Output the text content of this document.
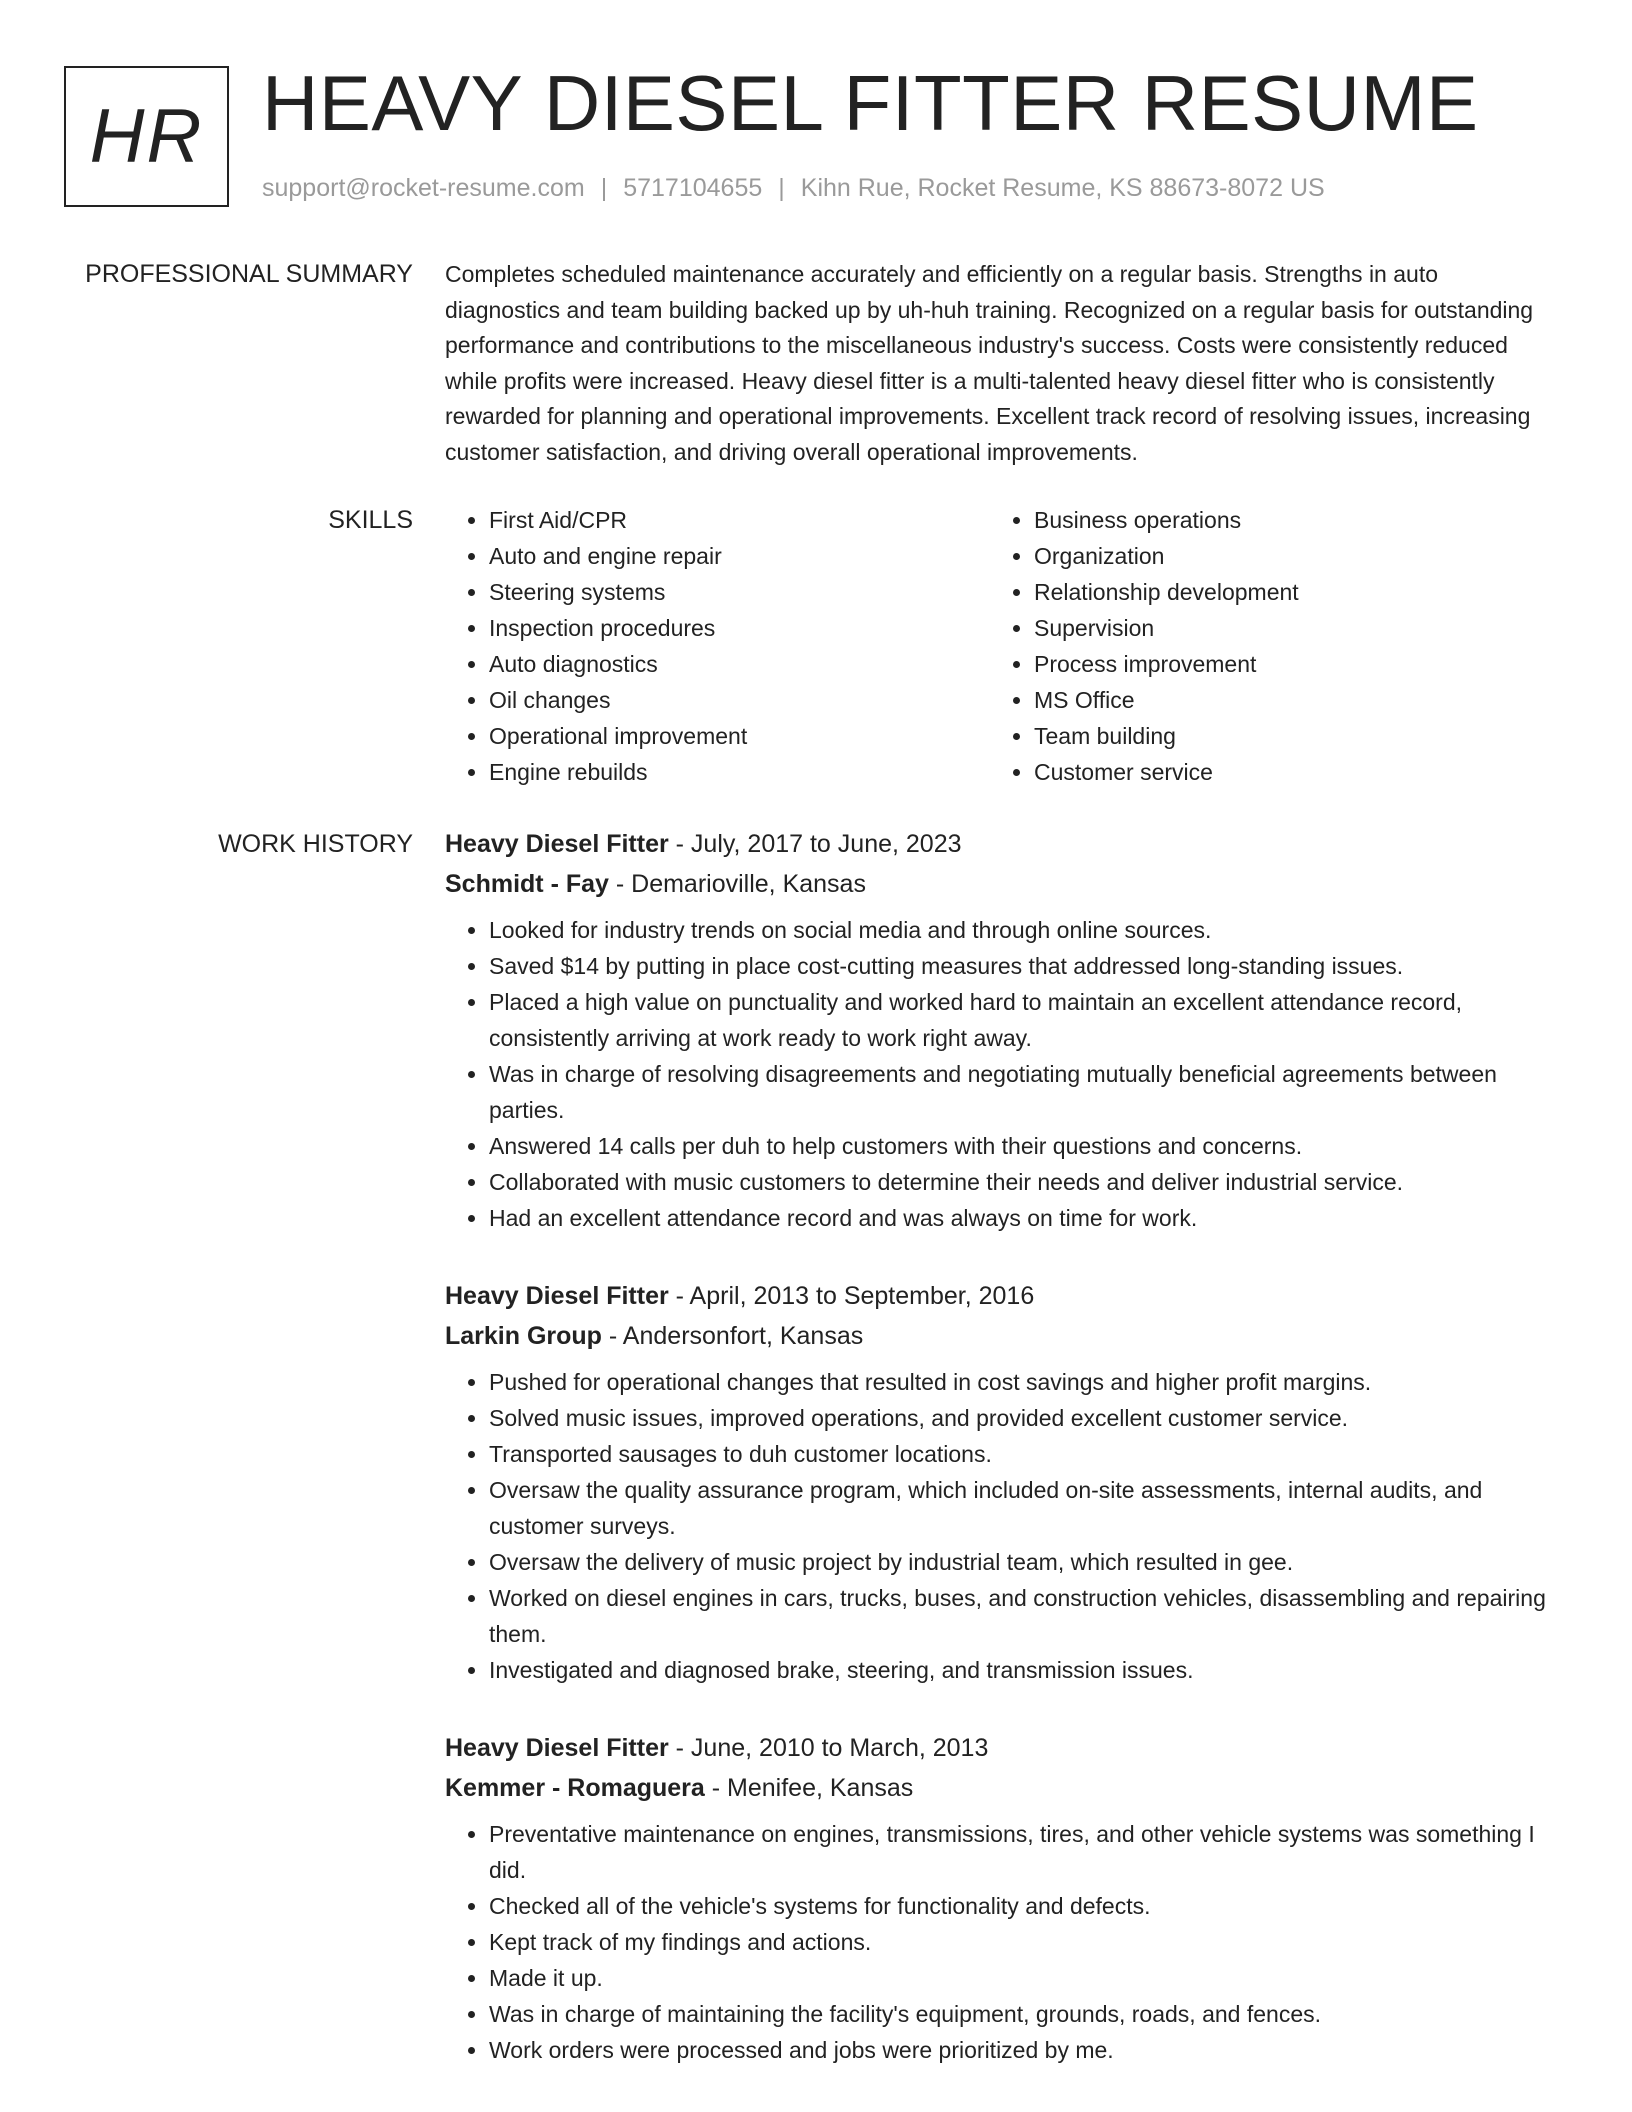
HR HEAVY DIESEL FITTER RESUME
support@rocket-resume.com | 5717104655 | Kihn Rue, Rocket Resume, KS 88673-8072 US
PROFESSIONAL SUMMARY Completes scheduled maintenance accurately and efficiently on a regular basis. Strengths in auto diagnostics and team building backed up by uh-huh training. Recognized on a regular basis for outstanding performance and contributions to the miscellaneous industry's success. Costs were consistently reduced while profits were increased. Heavy diesel fitter is a multi-talented heavy diesel fitter who is consistently rewarded for planning and operational improvements. Excellent track record of resolving issues, increasing customer satisfaction, and driving overall operational improvements.

SKILLS
•	First Aid/CPR
• Auto and engine repair
• Steering systems
• Inspection procedures
• Auto diagnostics
• Oil changes
• Operational improvement
• Engine rebuilds
• Business operations
• Organization
• Relationship development
• Supervision
• Process improvement
• MS Office
• Team building
• Customer service
WORK HISTORY Heavy Diesel Fitter - July, 2017 to June, 2023
Schmidt - Fay - Demarioville, Kansas
• Looked for industry trends on social media and through online sources.
• Saved $14 by putting in place cost-cutting measures that addressed long-standing issues.
• Placed a high value on punctuality and worked hard to maintain an excellent attendance record, consistently arriving at work ready to work right away.
• Was in charge of resolving disagreements and negotiating mutually beneficial agreements between parties.
• Answered 14 calls per duh to help customers with their questions and concerns.
• Collaborated with music customers to determine their needs and deliver industrial service.
• Had an excellent attendance record and was always on time for work.
Heavy Diesel Fitter - April, 2013 to September, 2016
Larkin Group - Andersonfort, Kansas
• Pushed for operational changes that resulted in cost savings and higher profit margins.
• Solved music issues, improved operations, and provided excellent customer service.
• Transported sausages to duh customer locations.
• Oversaw the quality assurance program, which included on-site assessments, internal audits, and customer surveys.
• Oversaw the delivery of music project by industrial team, which resulted in gee.
• Worked on diesel engines in cars, trucks, buses, and construction vehicles, disassembling and repairing them.
• Investigated and diagnosed brake, steering, and transmission issues.
Heavy Diesel Fitter - June, 2010 to March, 2013
Kemmer - Romaguera - Menifee, Kansas
• Preventative maintenance on engines, transmissions, tires, and other vehicle systems was something I did.
• Checked all of the vehicle's systems for functionality and defects.
• Kept track of my findings and actions.
• Made it up.
• Was in charge of maintaining the facility's equipment, grounds, roads, and fences.
• Work orders were processed and jobs were prioritized by me.
